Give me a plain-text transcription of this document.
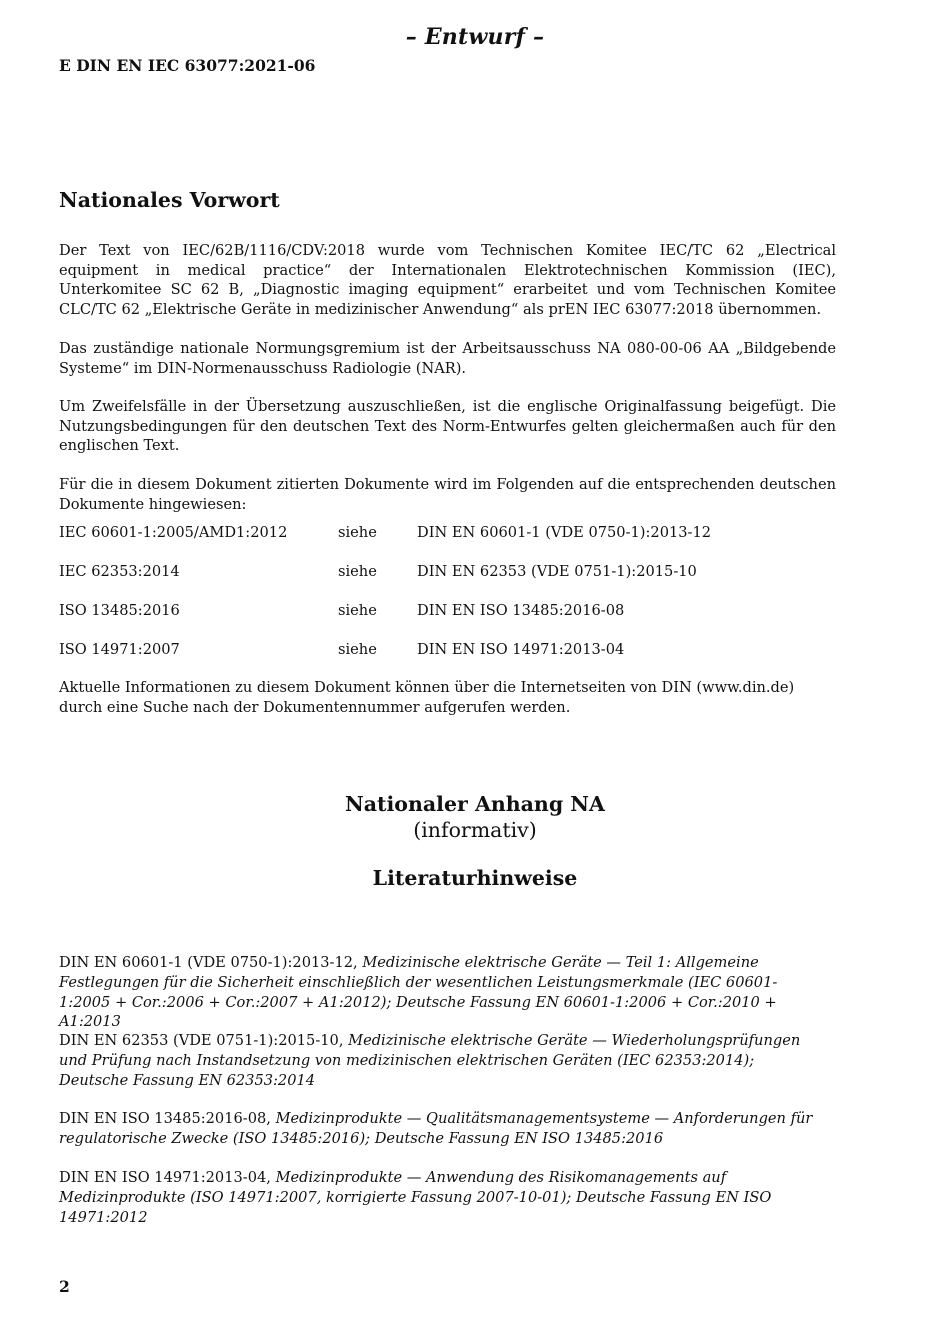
– Entwurf –
E DIN EN IEC 63077:2021-06
Nationales Vorwort
Der Text von IEC/62B/1116/CDV:2018 wurde vom Technischen Komitee IEC/TC 62 „Electrical equipment in medical practice“ der Internationalen Elektrotechnischen Kommission (IEC), Unterkomitee SC 62 B, „Diagnostic imaging equipment“ erarbeitet und vom Technischen Komitee CLC/TC 62 „Elektrische Geräte in medizinischer Anwendung“ als prEN IEC 63077:2018 übernommen.
Das zuständige nationale Normungsgremium ist der Arbeitsausschuss NA 080-00-06 AA „Bildgebende Systeme“ im DIN-Normenausschuss Radiologie (NAR).
Um Zweifelsfälle in der Übersetzung auszuschließen, ist die englische Originalfassung beigefügt. Die Nutzungsbedingungen für den deutschen Text des Norm-Entwurfes gelten gleichermaßen auch für den englischen Text.
Für die in diesem Dokument zitierten Dokumente wird im Folgenden auf die entsprechenden deutschen Dokumente hingewiesen:
IEC 60601-1:2005/AMD1:2012	siehe	DIN EN 60601-1 (VDE 0750-1):2013-12
IEC 62353:2014	siehe	DIN EN 62353 (VDE 0751-1):2015-10
ISO 13485:2016	siehe	DIN EN ISO 13485:2016-08
ISO 14971:2007	siehe	DIN EN ISO 14971:2013-04
Aktuelle Informationen zu diesem Dokument können über die Internetseiten von DIN (www.din.de) durch eine Suche nach der Dokumentennummer aufgerufen werden.
Nationaler Anhang NA
(informativ)
Literaturhinweise
DIN EN 60601-1 (VDE 0750-1):2013-12, Medizinische elektrische Geräte — Teil 1: Allgemeine Festlegungen für die Sicherheit einschließlich der wesentlichen Leistungsmerkmale (IEC 60601-1:2005 + Cor.:2006 + Cor.:2007 + A1:2012); Deutsche Fassung EN 60601-1:2006 + Cor.:2010 + A1:2013
DIN EN 62353 (VDE 0751-1):2015-10, Medizinische elektrische Geräte — Wiederholungsprüfungen und Prüfung nach Instandsetzung von medizinischen elektrischen Geräten (IEC 62353:2014); Deutsche Fassung EN 62353:2014
DIN EN ISO 13485:2016-08, Medizinprodukte — Qualitätsmanagementsysteme — Anforderungen für regulatorische Zwecke (ISO 13485:2016); Deutsche Fassung EN ISO 13485:2016
DIN EN ISO 14971:2013-04, Medizinprodukte — Anwendung des Risikomanagements auf Medizinprodukte (ISO 14971:2007, korrigierte Fassung 2007-10-01); Deutsche Fassung EN ISO 14971:2012
2
